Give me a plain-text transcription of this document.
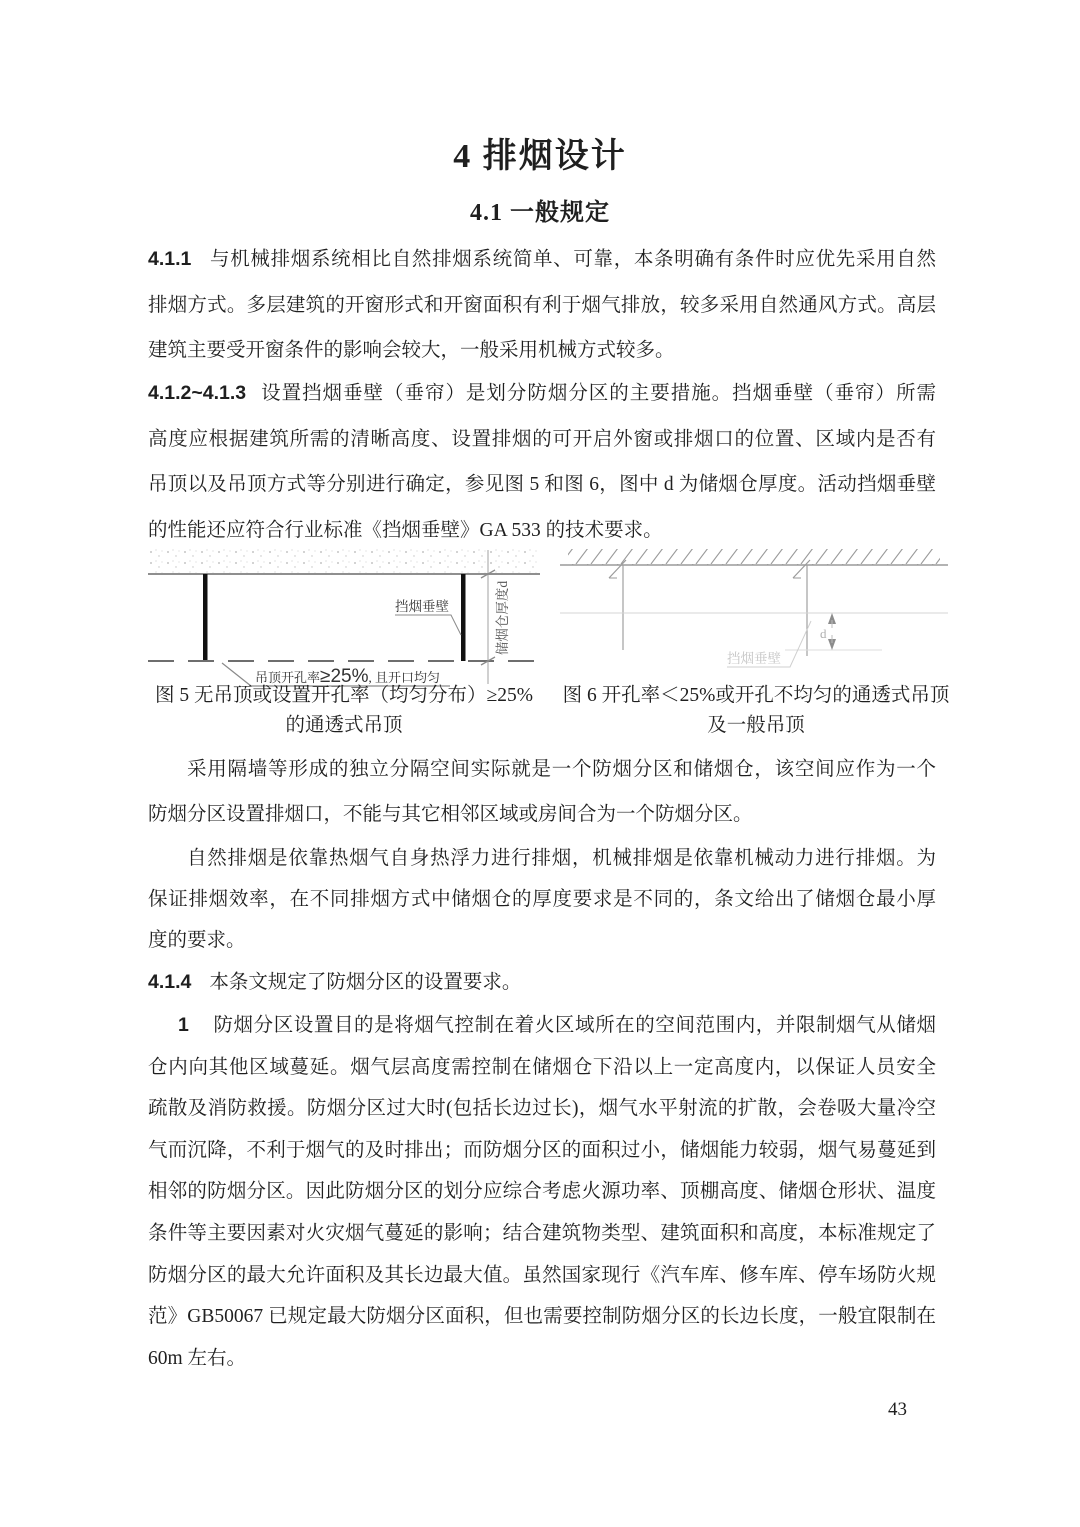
4 排烟设计
4.1 一般规定
4.1.1 与机械排烟系统相比自然排烟系统简单、可靠，本条明确有条件时应优先采用自然
排烟方式。多层建筑的开窗形式和开窗面积有利于烟气排放，较多采用自然通风方式。高层
建筑主要受开窗条件的影响会较大，一般采用机械方式较多。
4.1.2~4.1.3 设置挡烟垂壁（垂帘）是划分防烟分区的主要措施。挡烟垂壁（垂帘）所需
高度应根据建筑所需的清晰高度、设置排烟的可开启外窗或排烟口的位置、区域内是否有
吊顶以及吊顶方式等分别进行确定，参见图 5 和图 6，图中 d 为储烟仓厚度。活动挡烟垂壁
的性能还应符合行业标准《挡烟垂壁》GA 533 的技术要求。
储烟仓厚度d
挡烟垂壁
吊顶开孔率≥25%, 且开口均匀
d
挡烟垂壁
图 5 无吊顶或设置开孔率（均匀分布）≥25%
的通透式吊顶
图 6 开孔率＜25%或开孔不均匀的通透式吊顶
及一般吊顶
采用隔墙等形成的独立分隔空间实际就是一个防烟分区和储烟仓，该空间应作为一个
防烟分区设置排烟口，不能与其它相邻区域或房间合为一个防烟分区。
自然排烟是依靠热烟气自身热浮力进行排烟，机械排烟是依靠机械动力进行排烟。为
保证排烟效率，在不同排烟方式中储烟仓的厚度要求是不同的，条文给出了储烟仓最小厚
度的要求。
4.1.4 本条文规定了防烟分区的设置要求。
1 防烟分区设置目的是将烟气控制在着火区域所在的空间范围内，并限制烟气从储烟
仓内向其他区域蔓延。烟气层高度需控制在储烟仓下沿以上一定高度内，以保证人员安全
疏散及消防救援。防烟分区过大时(包括长边过长)，烟气水平射流的扩散，会卷吸大量冷空
气而沉降，不利于烟气的及时排出；而防烟分区的面积过小，储烟能力较弱，烟气易蔓延到
相邻的防烟分区。因此防烟分区的划分应综合考虑火源功率、顶棚高度、储烟仓形状、温度
条件等主要因素对火灾烟气蔓延的影响；结合建筑物类型、建筑面积和高度，本标准规定了
防烟分区的最大允许面积及其长边最大值。虽然国家现行《汽车库、修车库、停车场防火规
范》GB50067 已规定最大防烟分区面积，但也需要控制防烟分区的长边长度，一般宜限制在
60m 左右。
43
